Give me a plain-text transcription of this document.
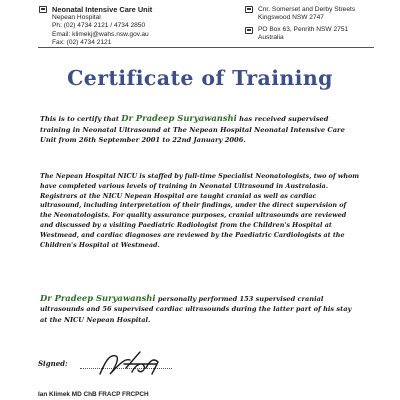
Neonatal Intensive Care Unit
Nepean Hospital
Ph: (02) 4734 2121 / 4734 2850
Email: klimekj@wahs.nsw.gov.au
Fax: (02) 4734 2121
Cnr. Somerset and Derby Streets
Kingswood NSW 2747
PO Box 63, Penrith NSW 2751
Australia
Certificate of Training
This is to certify that Dr Pradeep Suryawanshi has received supervised training in Neonatal Ultrasound at The Nepean Hospital Neonatal Intensive Care Unit from 26th September 2001 to 22nd January 2006.
The Nepean Hospital NICU is staffed by full-time Specialist Neonatologists, two of whom have completed various levels of training in Neonatal Ultrasound in Australasia. Registrars at the NICU Nepean Hospital are taught cranial as well as cardiac ultrasound, including interpretation of their findings, under the direct supervision of the Neonatologists. For quality assurance purposes, cranial ultrasounds are reviewed and discussed by a visiting Paediatric Radiologist from the Children's Hospital at Westmead, and cardiac diagnoses are reviewed by the Paediatric Cardiologists at the Children's Hospital at Westmead.
Dr Pradeep Suryawanshi personally performed 153 supervised cranial ultrasounds and 56 supervised cardiac ultrasounds during the latter part of his stay at the NICU Nepean Hospital.
Signed:
Ian Klimek MD ChB FRACP FRCPCH
